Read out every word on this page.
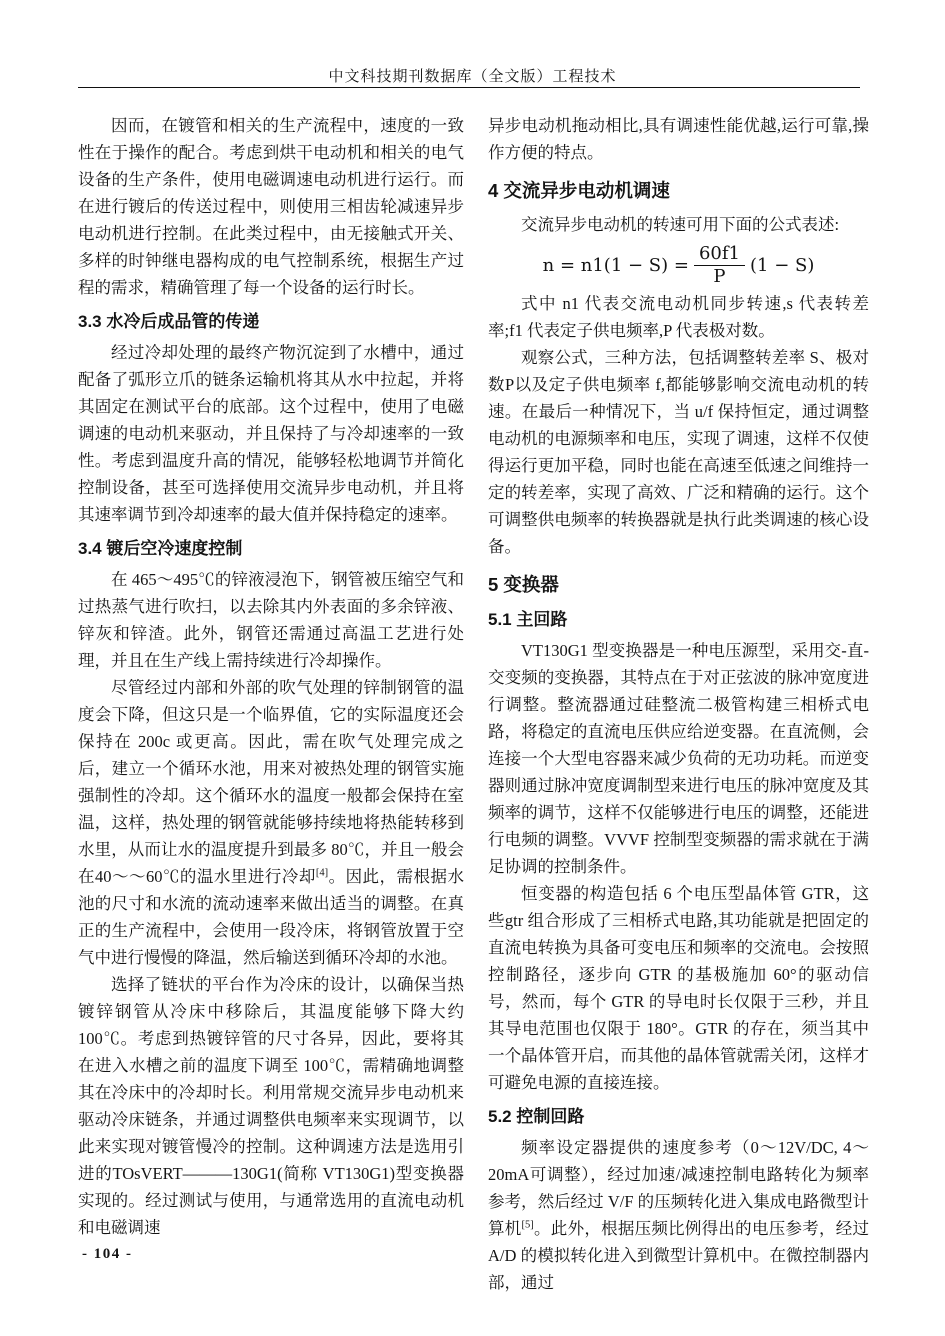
中文科技期刊数据库（全文版）工程技术

因而，在镀管和相关的生产流程中，速度的一致性在于操作的配合。考虑到烘干电动机和相关的电气设备的生产条件，使用电磁调速电动机进行运行。而在进行镀后的传送过程中，则使用三相齿轮减速异步电动机进行控制。在此类过程中，由无接触式开关、多样的时钟继电器构成的电气控制系统，根据生产过程的需求，精确管理了每一个设备的运行时长。

3.3 水冷后成品管的传递

经过冷却处理的最终产物沉淀到了水槽中，通过配备了弧形立爪的链条运输机将其从水中拉起，并将其固定在测试平台的底部。这个过程中，使用了电磁调速的电动机来驱动，并且保持了与冷却速率的一致性。考虑到温度升高的情况，能够轻松地调节并简化控制设备，甚至可选择使用交流异步电动机，并且将其速率调节到冷却速率的最大值并保持稳定的速率。

3.4 镀后空冷速度控制

在 465～495℃的锌液浸泡下，钢管被压缩空气和过热蒸气进行吹扫，以去除其内外表面的多余锌液、锌灰和锌渣。此外，钢管还需通过高温工艺进行处理，并且在生产线上需持续进行冷却操作。

尽管经过内部和外部的吹气处理的锌制钢管的温度会下降，但这只是一个临界值，它的实际温度还会保持在 200c 或更高。因此，需在吹气处理完成之后，建立一个循环水池，用来对被热处理的钢管实施强制性的冷却。这个循环水的温度一般都会保持在室温，这样，热处理的钢管就能够持续地将热能转移到水里，从而让水的温度提升到最多 80℃，并且一般会在40～～60℃的温水里进行冷却[4]。因此，需根据水池的尺寸和水流的流动速率来做出适当的调整。在真正的生产流程中，会使用一段冷床，将钢管放置于空气中进行慢慢的降温，然后输送到循环冷却的水池。

选择了链状的平台作为冷床的设计，以确保当热镀锌钢管从冷床中移除后，其温度能够下降大约 100℃。考虑到热镀锌管的尺寸各异，因此，要将其在进入水槽之前的温度下调至 100℃，需精确地调整其在冷床中的冷却时长。利用常规交流异步电动机来驱动冷床链条，并通过调整供电频率来实现调节，以此来实现对镀管慢冷的控制。这种调速方法是选用引进的TOsVERT———130G1(简称 VT130G1)型变换器实现的。经过测试与使用，与通常选用的直流电动机和电磁调速

异步电动机拖动相比,具有调速性能优越,运行可靠,操作方便的特点。

4 交流异步电动机调速

交流异步电动机的转速可用下面的公式表述:

$n = n1(1 - S) = \frac{60f1}{P} (1 - S)$

式中 n1 代表交流电动机同步转速,s 代表转差率;f1 代表定子供电频率,P 代表极对数。

观察公式，三种方法，包括调整转差率 S、极对数P以及定子供电频率 f,都能够影响交流电动机的转速。在最后一种情况下，当 u/f 保持恒定，通过调整电动机的电源频率和电压，实现了调速，这样不仅使得运行更加平稳，同时也能在高速至低速之间维持一定的转差率，实现了高效、广泛和精确的运行。这个可调整供电频率的转换器就是执行此类调速的核心设备。

5 变换器
5.1 主回路

VT130G1 型变换器是一种电压源型，采用交-直-交变频的变换器，其特点在于对正弦波的脉冲宽度进行调整。整流器通过硅整流二极管构建三相桥式电路，将稳定的直流电压供应给逆变器。在直流侧，会连接一个大型电容器来减少负荷的无功功耗。而逆变器则通过脉冲宽度调制型来进行电压的脉冲宽度及其频率的调节，这样不仅能够进行电压的调整，还能进行电频的调整。VVVF 控制型变频器的需求就在于满足协调的控制条件。

恒变器的构造包括 6 个电压型晶体管 GTR，这些gtr 组合形成了三相桥式电路,其功能就是把固定的直流电转换为具备可变电压和频率的交流电。会按照控制路径，逐步向 GTR 的基极施加 60°的驱动信号，然而，每个 GTR 的导电时长仅限于三秒，并且其导电范围也仅限于 180°。GTR 的存在，须当其中一个晶体管开启，而其他的晶体管就需关闭，这样才可避免电源的直接连接。

5.2 控制回路

频率设定器提供的速度参考（0～12V/DC, 4～20mA可调整），经过加速/减速控制电路转化为频率参考，然后经过 V/F 的压频转化进入集成电路微型计算机[5]。此外，根据压频比例得出的电压参考，经过 A/D 的模拟转化进入到微型计算机中。在微控制器内部，通过

- 104 -
